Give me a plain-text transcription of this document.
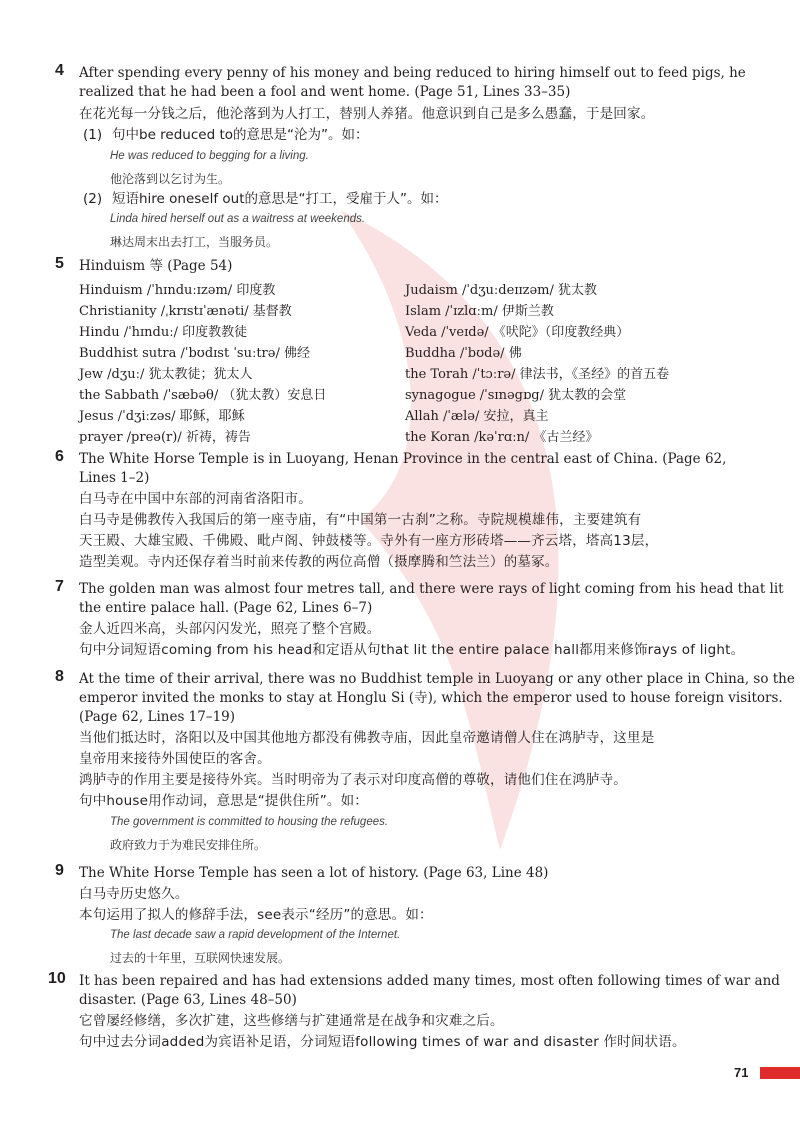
4 After spending every penny of his money and being reduced to hiring himself out to feed pigs, he
realized that he had been a fool and went home. (Page 51, Lines 33–35)
在花光每一分钱之后，他沦落到为人打工，替别人养猪。他意识到自己是多么愚蠢，于是回家。
(1) 句中be reduced to的意思是“沦为”。如：
He was reduced to begging for a living.
他沦落到以乞讨为生。
(2) 短语hire oneself out的意思是“打工，受雇于人”。如：
Linda hired herself out as a waitress at weekends.
琳达周末出去打工，当服务员。
5 Hinduism 等 (Page 54)
Hinduism /ˈhɪnduːɪzəm/ 印度教
Christianity /ˌkrɪstɪˈænəti/ 基督教
Hindu /ˈhɪnduː/ 印度教教徒
Buddhist sutra /ˈbʊdɪst ˈsuːtrə/ 佛经
Jew /dʒuː/ 犹太教徒；犹太人
the Sabbath /ˈsæbəθ/ （犹太教）安息日
Jesus /ˈdʒiːzəs/ 耶稣，耶稣
prayer /preə(r)/ 祈祷，祷告
Judaism /ˈdʒuːdeɪɪzəm/ 犹太教
Islam /ˈɪzlɑːm/ 伊斯兰教
Veda /ˈveɪdə/ 《吠陀》（印度教经典）
Buddha /ˈbʊdə/ 佛
the Torah /ˈtɔːrə/ 律法书，《圣经》的首五卷
synagogue /ˈsɪnəgɒg/ 犹太教的会堂
Allah /ˈælə/ 安拉，真主
the Koran /kəˈrɑːn/ 《古兰经》
6 The White Horse Temple is in Luoyang, Henan Province in the central east of China. (Page 62,
Lines 1–2)
白马寺在中国中东部的河南省洛阳市。
白马寺是佛教传入我国后的第一座寺庙，有“中国第一古刹”之称。寺院规模雄伟，主要建筑有
天王殿、大雄宝殿、千佛殿、毗卢阁、钟鼓楼等。寺外有一座方形砖塔——齐云塔，塔高13层，
造型美观。寺内还保存着当时前来传教的两位高僧（摄摩腾和竺法兰）的墓冢。
7 The golden man was almost four metres tall, and there were rays of light coming from his head that lit
the entire palace hall. (Page 62, Lines 6–7)
金人近四米高，头部闪闪发光，照亮了整个宫殿。
句中分词短语coming from his head和定语从句that lit the entire palace hall都用来修饰rays of light。
8 At the time of their arrival, there was no Buddhist temple in Luoyang or any other place in China, so the
emperor invited the monks to stay at Honglu Si (寺), which the emperor used to house foreign visitors.
(Page 62, Lines 17–19)
当他们抵达时，洛阳以及中国其他地方都没有佛教寺庙，因此皇帝邀请僧人住在鸿胪寺，这里是
皇帝用来接待外国使臣的客舍。
鸿胪寺的作用主要是接待外宾。当时明帝为了表示对印度高僧的尊敬，请他们住在鸿胪寺。
句中house用作动词，意思是“提供住所”。如：
The government is committed to housing the refugees.
政府致力于为难民安排住所。
9 The White Horse Temple has seen a lot of history. (Page 63, Line 48)
白马寺历史悠久。
本句运用了拟人的修辞手法，see表示“经历”的意思。如：
The last decade saw a rapid development of the Internet.
过去的十年里，互联网快速发展。
10 It has been repaired and has had extensions added many times, most often following times of war and
disaster. (Page 63, Lines 48–50)
它曾屡经修缮，多次扩建，这些修缮与扩建通常是在战争和灾难之后。
句中过去分词added为宾语补足语，分词短语following times of war and disaster 作时间状语。
71
